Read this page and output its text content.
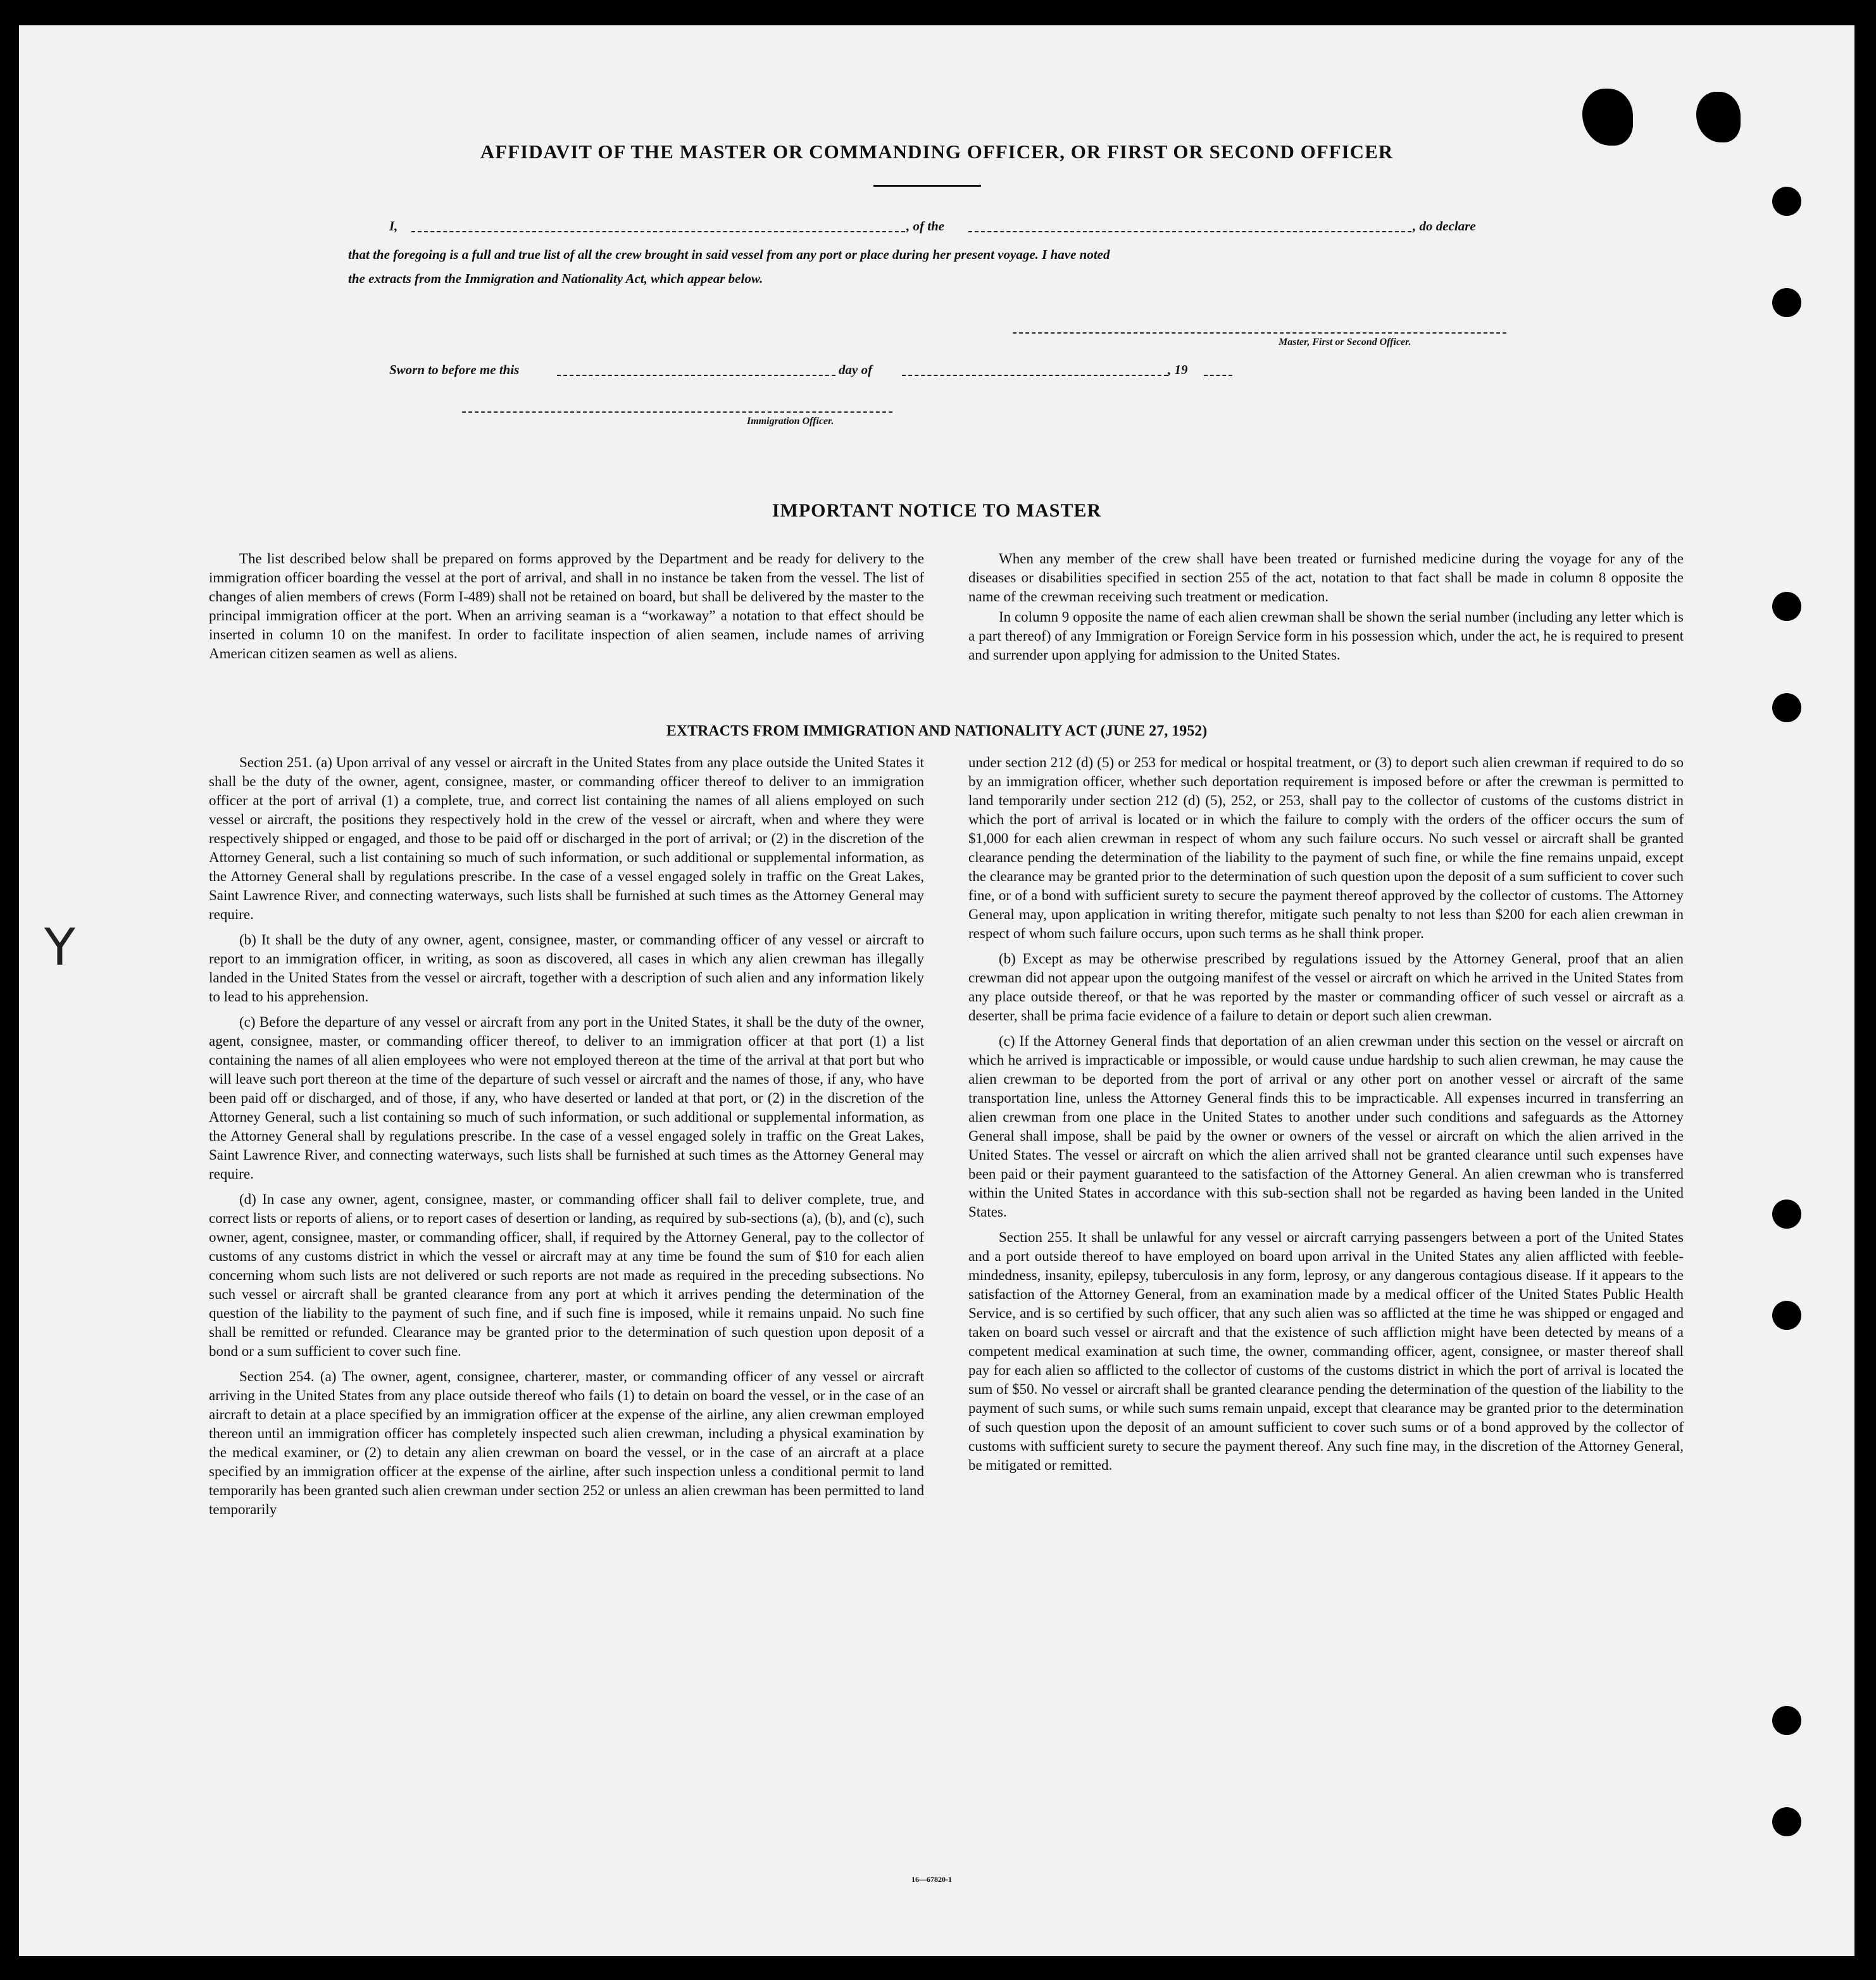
Y
AFFIDAVIT OF THE MASTER OR COMMANDING OFFICER, OR FIRST OR SECOND OFFICER
I,	, of the	, do declare
that the foregoing is a full and true list of all the crew brought in said vessel from any port or place during her present voyage. I have noted
the extracts from the Immigration and Nationality Act, which appear below.
Master, First or Second Officer.
Sworn to before me this	day of	, 19
Immigration Officer.
IMPORTANT NOTICE TO MASTER

The list described below shall be prepared on forms approved by the Department and be ready for delivery to the immigration officer boarding the vessel at the port of arrival, and shall in no instance be taken from the vessel. The list of changes of alien members of crews (Form I-489) shall not be retained on board, but shall be delivered by the master to the principal immigration officer at the port. When an arriving seaman is a “workaway” a notation to that effect should be inserted in column 10 on the manifest. In order to facilitate inspection of alien seamen, include names of arriving American citizen seamen as well as aliens.

When any member of the crew shall have been treated or furnished medicine during the voyage for any of the diseases or disabilities specified in section 255 of the act, notation to that fact shall be made in column 8 opposite the name of the crewman receiving such treatment or medication.

In column 9 opposite the name of each alien crewman shall be shown the serial number (including any letter which is a part thereof) of any Immigration or Foreign Service form in his possession which, under the act, he is required to present and surrender upon applying for admission to the United States.

EXTRACTS FROM IMMIGRATION AND NATIONALITY ACT (JUNE 27, 1952)

Section 251. (a) Upon arrival of any vessel or aircraft in the United States from any place outside the United States it shall be the duty of the owner, agent, consignee, master, or commanding officer thereof to deliver to an immigration officer at the port of arrival (1) a complete, true, and correct list containing the names of all aliens employed on such vessel or aircraft, the positions they respectively hold in the crew of the vessel or aircraft, when and where they were respectively shipped or engaged, and those to be paid off or discharged in the port of arrival; or (2) in the discretion of the Attorney General, such a list containing so much of such information, or such additional or supplemental information, as the Attorney General shall by regulations prescribe. In the case of a vessel engaged solely in traffic on the Great Lakes, Saint Lawrence River, and connecting waterways, such lists shall be furnished at such times as the Attorney General may require.

(b) It shall be the duty of any owner, agent, consignee, master, or commanding officer of any vessel or aircraft to report to an immigration officer, in writing, as soon as discovered, all cases in which any alien crewman has illegally landed in the United States from the vessel or aircraft, together with a description of such alien and any information likely to lead to his apprehension.

(c) Before the departure of any vessel or aircraft from any port in the United States, it shall be the duty of the owner, agent, consignee, master, or commanding officer thereof, to deliver to an immigration officer at that port (1) a list containing the names of all alien employees who were not employed thereon at the time of the arrival at that port but who will leave such port thereon at the time of the departure of such vessel or aircraft and the names of those, if any, who have been paid off or discharged, and of those, if any, who have deserted or landed at that port, or (2) in the discretion of the Attorney General, such a list containing so much of such information, or such additional or supplemental information, as the Attorney General shall by regulations prescribe. In the case of a vessel engaged solely in traffic on the Great Lakes, Saint Lawrence River, and connecting waterways, such lists shall be furnished at such times as the Attorney General may require.

(d) In case any owner, agent, consignee, master, or commanding officer shall fail to deliver complete, true, and correct lists or reports of aliens, or to report cases of desertion or landing, as required by sub-sections (a), (b), and (c), such owner, agent, consignee, master, or commanding officer, shall, if required by the Attorney General, pay to the collector of customs of any customs district in which the vessel or aircraft may at any time be found the sum of $10 for each alien concerning whom such lists are not delivered or such reports are not made as required in the preceding subsections. No such vessel or aircraft shall be granted clearance from any port at which it arrives pending the determination of the question of the liability to the payment of such fine, and if such fine is imposed, while it remains unpaid. No such fine shall be remitted or refunded. Clearance may be granted prior to the determination of such question upon deposit of a bond or a sum sufficient to cover such fine.

Section 254. (a) The owner, agent, consignee, charterer, master, or commanding officer of any vessel or aircraft arriving in the United States from any place outside thereof who fails (1) to detain on board the vessel, or in the case of an aircraft to detain at a place specified by an immigration officer at the expense of the airline, any alien crewman employed thereon until an immigration officer has completely inspected such alien crewman, including a physical examination by the medical examiner, or (2) to detain any alien crewman on board the vessel, or in the case of an aircraft at a place specified by an immigration officer at the expense of the airline, after such inspection unless a conditional permit to land temporarily has been granted such alien crewman under section 252 or unless an alien crewman has been permitted to land temporarily

under section 212 (d) (5) or 253 for medical or hospital treatment, or (3) to deport such alien crewman if required to do so by an immigration officer, whether such deportation requirement is imposed before or after the crewman is permitted to land temporarily under section 212 (d) (5), 252, or 253, shall pay to the collector of customs of the customs district in which the port of arrival is located or in which the failure to comply with the orders of the officer occurs the sum of $1,000 for each alien crewman in respect of whom any such failure occurs. No such vessel or aircraft shall be granted clearance pending the determination of the liability to the payment of such fine, or while the fine remains unpaid, except the clearance may be granted prior to the determination of such question upon the deposit of a sum sufficient to cover such fine, or of a bond with sufficient surety to secure the payment thereof approved by the collector of customs. The Attorney General may, upon application in writing therefor, mitigate such penalty to not less than $200 for each alien crewman in respect of whom such failure occurs, upon such terms as he shall think proper.

(b) Except as may be otherwise prescribed by regulations issued by the Attorney General, proof that an alien crewman did not appear upon the outgoing manifest of the vessel or aircraft on which he arrived in the United States from any place outside thereof, or that he was reported by the master or commanding officer of such vessel or aircraft as a deserter, shall be prima facie evidence of a failure to detain or deport such alien crewman.

(c) If the Attorney General finds that deportation of an alien crewman under this section on the vessel or aircraft on which he arrived is impracticable or impossible, or would cause undue hardship to such alien crewman, he may cause the alien crewman to be deported from the port of arrival or any other port on another vessel or aircraft of the same transportation line, unless the Attorney General finds this to be impracticable. All expenses incurred in transferring an alien crewman from one place in the United States to another under such conditions and safeguards as the Attorney General shall impose, shall be paid by the owner or owners of the vessel or aircraft on which the alien arrived in the United States. The vessel or aircraft on which the alien arrived shall not be granted clearance until such expenses have been paid or their payment guaranteed to the satisfaction of the Attorney General. An alien crewman who is transferred within the United States in accordance with this sub-section shall not be regarded as having been landed in the United States.

Section 255. It shall be unlawful for any vessel or aircraft carrying passengers between a port of the United States and a port outside thereof to have employed on board upon arrival in the United States any alien afflicted with feeble-mindedness, insanity, epilepsy, tuberculosis in any form, leprosy, or any dangerous contagious disease. If it appears to the satisfaction of the Attorney General, from an examination made by a medical officer of the United States Public Health Service, and is so certified by such officer, that any such alien was so afflicted at the time he was shipped or engaged and taken on board such vessel or aircraft and that the existence of such affliction might have been detected by means of a competent medical examination at such time, the owner, commanding officer, agent, consignee, or master thereof shall pay for each alien so afflicted to the collector of customs of the customs district in which the port of arrival is located the sum of $50. No vessel or aircraft shall be granted clearance pending the determination of the question of the liability to the payment of such sums, or while such sums remain unpaid, except that clearance may be granted prior to the determination of such question upon the deposit of an amount sufficient to cover such sums or of a bond approved by the collector of customs with sufficient surety to secure the payment thereof. Any such fine may, in the discretion of the Attorney General, be mitigated or remitted.

16—67820-1
